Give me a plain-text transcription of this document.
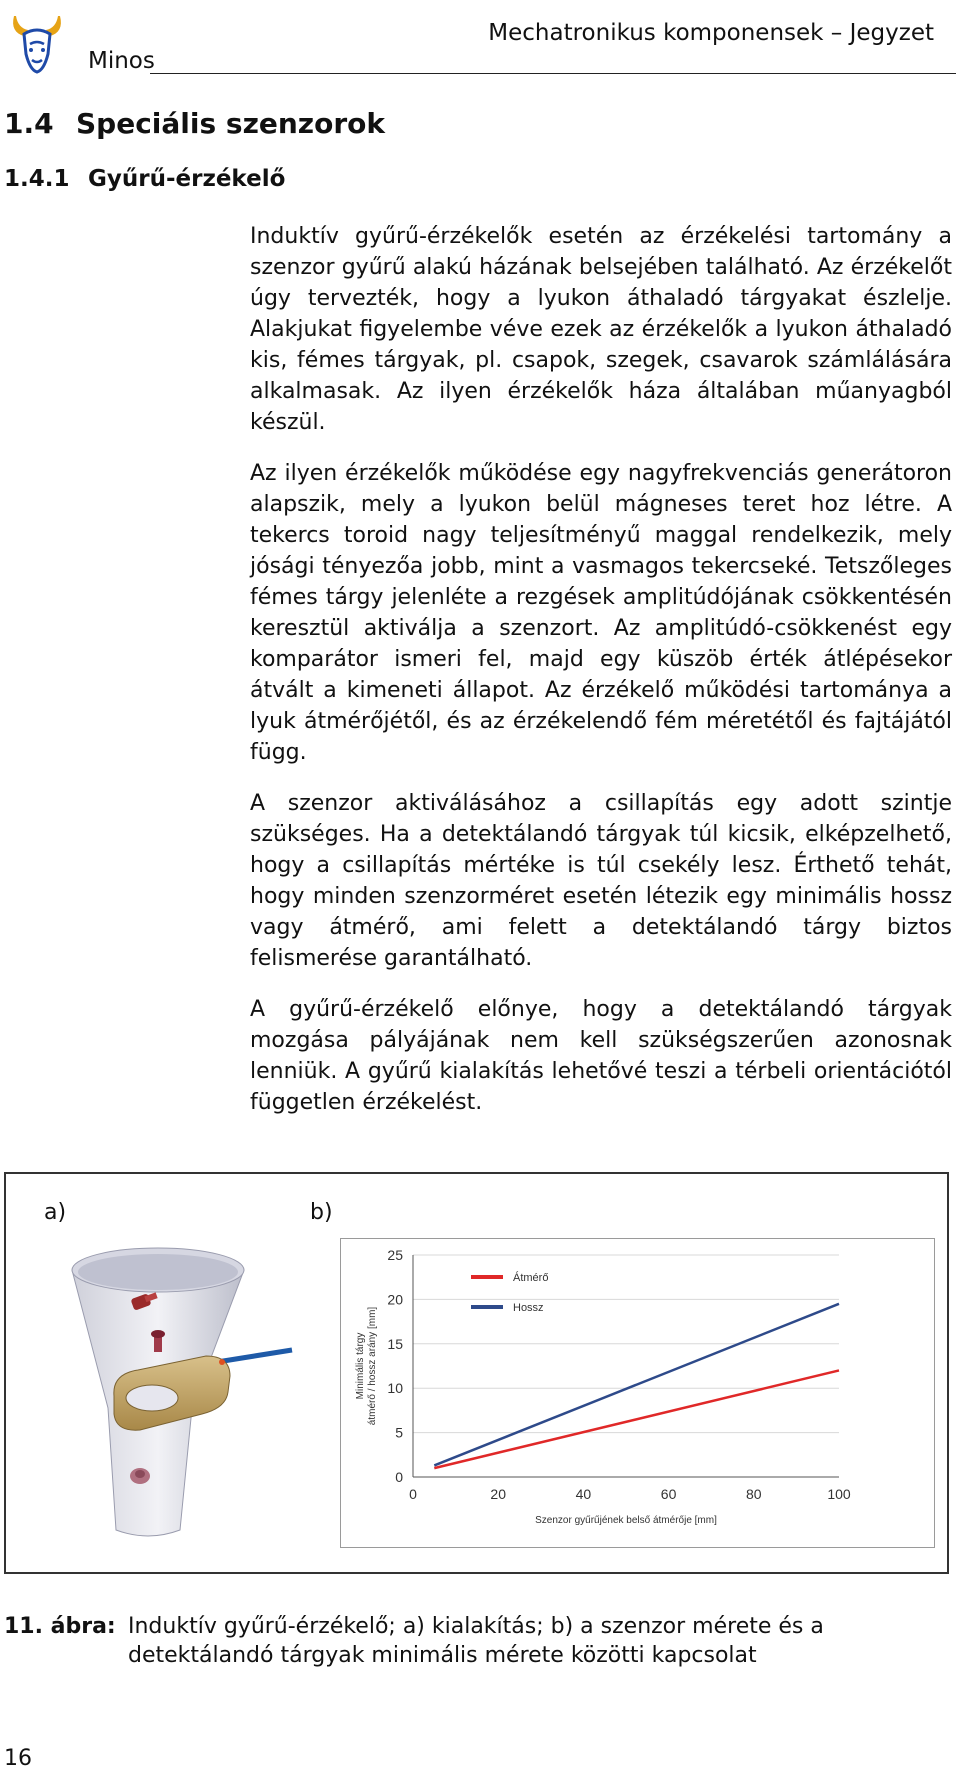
Minos
Mechatronikus komponensek – Jegyzet
1.4 Speciális szenzorok
1.4.1 Gyűrű-érzékelő

Induktív gyűrű-érzékelők esetén az érzékelési tartomány a szenzor gyűrű alakú házának belsejében található. Az érzékelőt úgy tervezték, hogy a lyukon áthaladó tárgyakat észlelje. Alakjukat figyelembe véve ezek az érzékelők a lyukon áthaladó kis, fémes tárgyak, pl. csapok, szegek, csavarok számlálására alkalmasak. Az ilyen érzékelők háza általában műanyagból készül.

Az ilyen érzékelők működése egy nagyfrekvenciás generátoron alapszik, mely a lyukon belül mágneses teret hoz létre. A tekercs toroid nagy teljesítményű maggal rendelkezik, mely jósági tényezőa jobb, mint a vasmagos tekercseké. Tetszőleges fémes tárgy jelenléte a rezgések amplitúdójának csökkentésén keresztül aktiválja a szenzort. Az amplitúdó-csökkenést egy komparátor ismeri fel, majd egy küszöb érték átlépésekor átvált a kimeneti állapot. Az érzékelő működési tartománya a lyuk átmérőjétől, és az érzékelendő fém méretétől és fajtájától függ.

A szenzor aktiválásához a csillapítás egy adott szintje szükséges. Ha a detektálandó tárgyak túl kicsik, elképzelhető, hogy a csillapítás mértéke is túl csekély lesz. Érthető tehát, hogy minden szenzorméret esetén létezik egy minimális hossz vagy átmérő, ami felett a detektálandó tárgy biztos felismerése garantálható.

A gyűrű-érzékelő előnye, hogy a detektálandó tárgyak mozgása pályájának nem kell szükségszerűen azonosnak lenniük. A gyűrű kialakítás lehetővé teszi a térbeli orientációtól független érzékelést.

a)	b)
0
5
10
15
20
25
0	20	40	60	80	100
Átmérő
Hossz
Minimális tárgy átmérő / hossz arány [mm]
Szenzor gyűrűjének belső átmérője [mm]
11. ábra: Induktív gyűrű-érzékelő; a) kialakítás; b) a szenzor mérete és a detektálandó tárgyak minimális mérete közötti kapcsolat
16
